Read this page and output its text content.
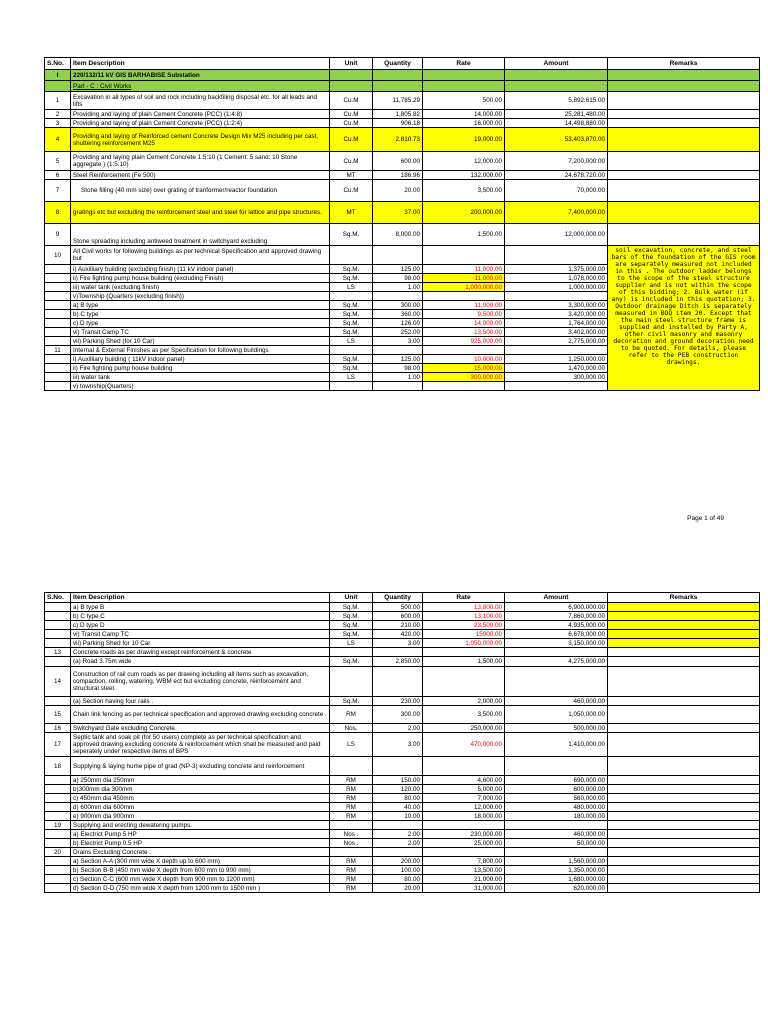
S.No.	Item Description	Unit	Quantity	Rate	Amount	Remarks
I	220/132/11 kV GIS BARHABISE Substation					
	Part - C : Civil Works					
1	Excavation in all types of soil and rock including backfiling disposal etc. for all leads and lifts	Cu.M	11,785.29	500.00	5,892,615.00	
2	Providing and laying of plain Cement Concrete (PCC) (1:4:8)	Cu.M	1,805.82	14,000.00	25,281,480.00	
3	Providing and laying of plain Cement Concrete (PCC) (1:2:4)	Cu.M	906.18	16,000.00	14,498,880.00	
4	Providing and laying of Reinforced cement Concrete Design Mix M25 including per cast, shuttering reinforcement M25	Cu.M	2,810.73	19,000.00	53,403,870.00	
5	Providing and laying plain Cement Concrete 1:5:10 (1 Cement: 5 sand: 10 Stone aggregate ) (1:5:10)	Cu.M	600.00	12,000.00	7,200,000.00	
6	Steel Reinforcement (Fe 500)	MT	186.96	132,000.00	24,678,720.00	
7	Stone filling (40 mm size) over grating of tranformer/reactor foundation	Cu.M	20.00	3,500.00	70,000.00	
8	gratings etc but excluding the reinforcement steel and steel for lattice and pipe structures.	MT	37.00	200,000.00	7,400,000.00	
9	Stone spreading including antiweed treatment in switchyard excluding	Sq.M.	8,000.00	1,500.00	12,000,000.00	
10	All Civil works for following buildings as per technical Specification and approved drawing but					soil excavation, concrete, and steel bars of the foundation of the GIS room are separately measured not included in this . The outdoor ladder belongs to the scope of the steel structure supplier and is not within the scope of this bidding; 2. Bulk water (if any) is included in this quotation; 3. Outdoor drainage Ditch is separately measured in BOQ item 20. Except that the main steel structure frame is supplied and installed by Party A, other civil masonry and masonry decoration and ground decoration need to be quoted. For details, please refer to the PEB construction drawings.
	i) Auxilliary building (excluding finish) (11 kV indoor panel)	Sq.M.	125.00	11,000.00	1,375,000.00	
	ii) Fire fighting pump house building (excluding Finish)	Sq.M.	98.00	11,000.00	1,078,000.00	
	iii) water tank (excluding finish)	LS	1.00	1,000,000.00	1,000,000.00	
	v)Township (Quarters (excluding finish))					
	a) B type	Sq.M.	300.00	11,000.00	3,300,000.00	
	b) C type	Sq.M.	360.00	9,500.00	3,420,000.00	
	c) D type	Sq.M.	126.00	14,000.00	1,764,000.00	
	vi) Transit Camp TC	Sq.M.	252.00	13,500.00	3,402,000.00	
	vii) Parking Shed (for 10 Car)	LS	3.00	925,000.00	2,775,000.00	
11	Internal & External Finishes as per Specification for following buildings					
	i) Auxilliary building ( 11kV indoor panel)	Sq.M.	125.00	10,000.00	1,250,000.00	
	ii) Fire fighting pump house building	Sq.M.	98.00	15,000.00	1,470,000.00	
	iii) water tank	LS	1.00	300,000.00	300,000.00	
	v) township(Quarters)					
Page 1 of 49
S.No.	Item Description	Unit	Quantity	Rate	Amount	Remarks
	a) B type B	Sq.M.	500.00	13,800.00	6,900,000.00	
	b) C type C	Sq.M.	600.00	13,100.00	7,860,000.00	
	c) D type D	Sq.M.	210.00	23,500.00	4,935,000.00	
	vi) Transit Camp TC	Sq.M.	420.00	15900.00	6,678,000.00	
	vii) Parking Shed for 10 Car	LS	3.00	1,050,000.00	3,150,000.00	
13	Concrete roads as per drawing except reinforcement & concrete					
	(a) Road 3.75m wide	Sq.M.	2,850.00	1,500.00	4,275,000.00	
14	Construction of rail cum roads as per drawing including all items such as excavation, compaction, rolling, watering, WBM ect but excluding concrete, reinforcement and structural steel.					
	(a) Section having four rails .	Sq.M.	230.00	2,000.00	460,000.00	
15	Chain link fencing as per technical specification and approved drawing excluding concrete .	RM	300.00	3,500.00	1,050,000.00	
16	Switchyard Gate excluding Concrete.	Nos.	2.00	250,000.00	500,000.00	
17	Septic tank and soak pit (for 50 users) complete as per technical specification and approved drawing excluding concrete & reinforcement which shall be measured and paid seperately under respective items of BPS	LS	3.00	470,000.00	1,410,000.00	
18	Supplying & laying hume pipe of grad (NP-3) excluding concrete and reinforcement					
	a) 250mm dia 250mm	RM	150.00	4,600.00	690,000.00	
	b)300mm dia 300mm	RM	120.00	5,000.00	600,000.00	
	c) 450mm dia 450mm	RM	80.00	7,000.00	560,000.00	
	d) 600mm dia 600mm	RM	40.00	12,000.00	480,000.00	
	e) 900mm dia 900mm	RM	10.00	18,000.00	180,000.00	
19	Supplying and erecting dewatering pumps.					
	a) Electrict Pump 5 HP	Nos .	2.00	230,000.00	460,000.00	
	b) Electrict Pump 0.5 HP	Nos .	2.00	25,000.00	50,000.00	
20	Drains Excluding Concrete .					
	a) Section A-A (300 mm wide X depth up to 600 mm)	RM	200.00	7,800.00	1,560,000.00	
	b) Section B-B (450 mm wide X depth from 600 mm to 900 mm)	RM	100.00	13,500.00	1,350,000.00	
	c) Section C-C (600 mm wide X depth from 900 mm to 1200 mm)	RM	80.00	21,000.00	1,680,000.00	
	d) Section D-D (750 mm wide X depth from 1200 mm to 1500 mm )	RM	20.00	31,000.00	620,000.00	
